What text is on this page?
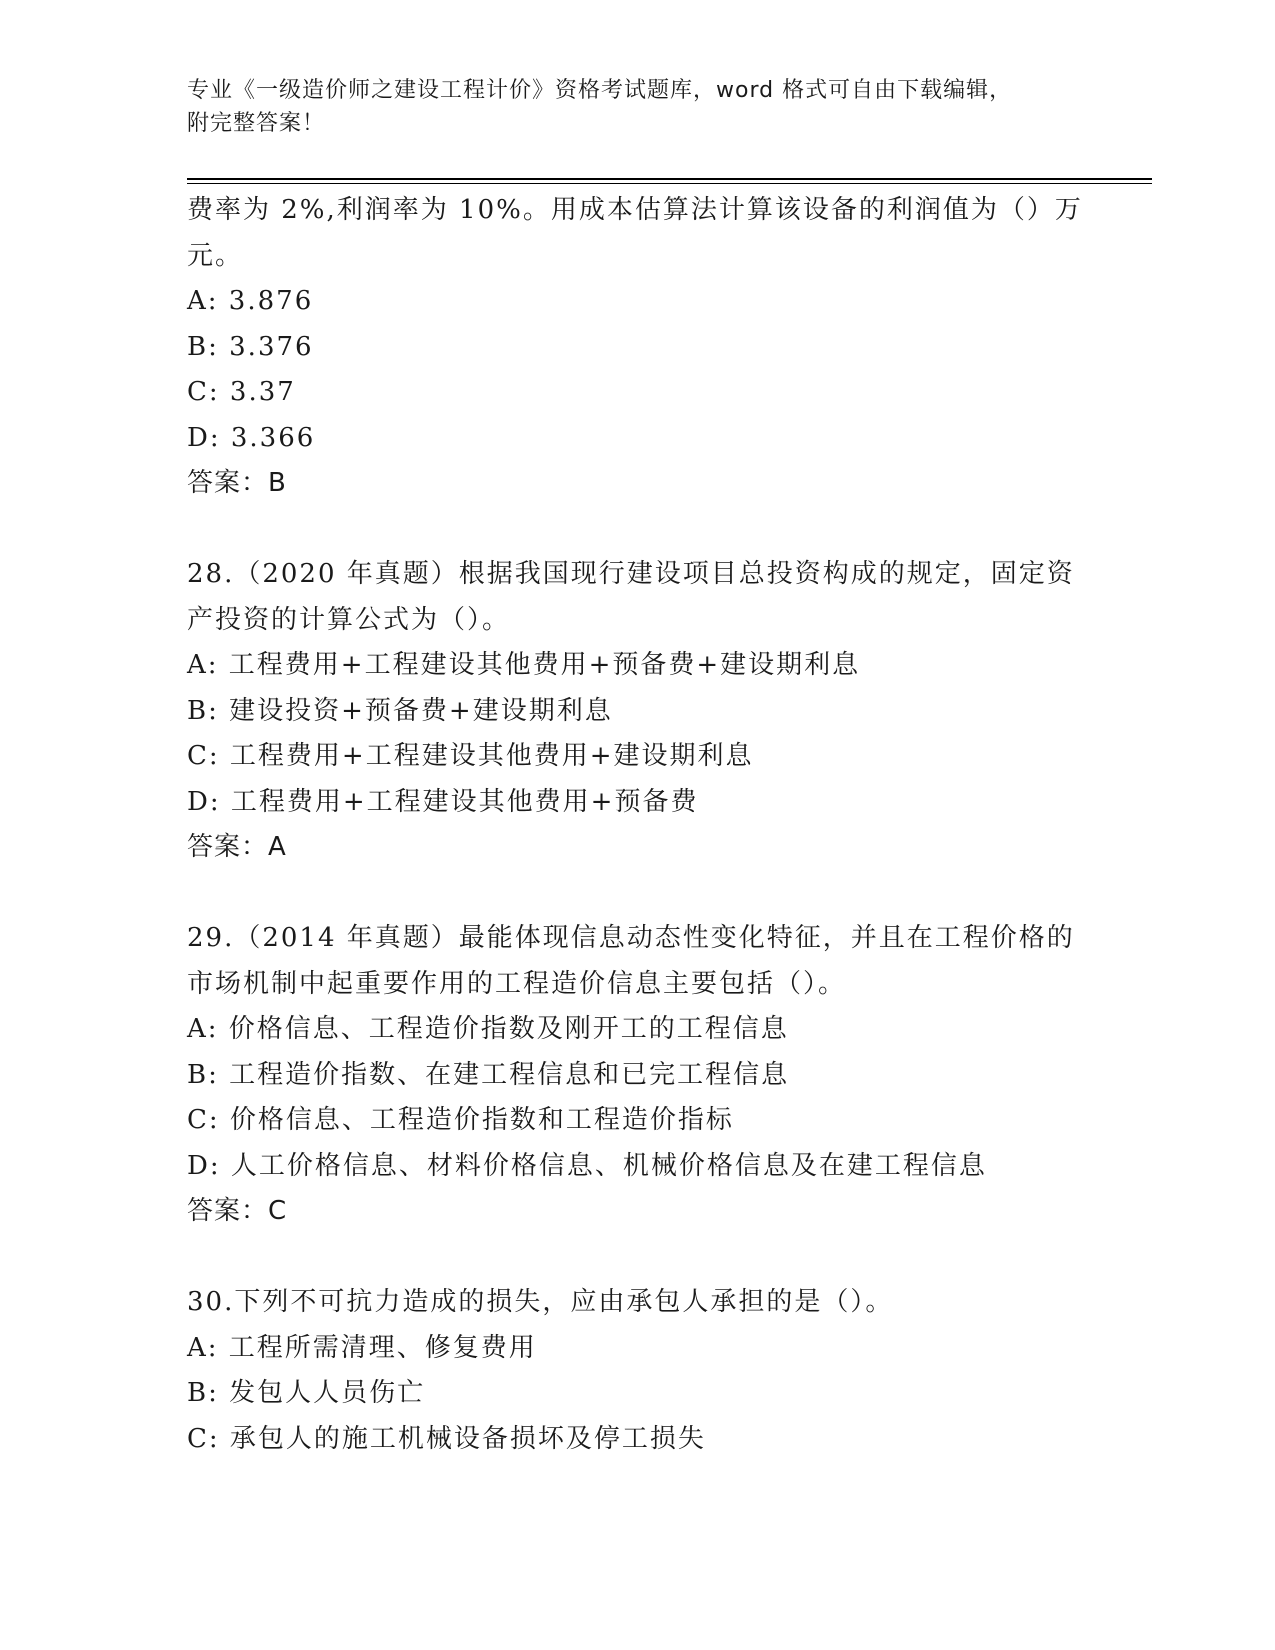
专业《一级造价师之建设工程计价》资格考试题库，word 格式可自由下载编辑，
附完整答案！
费率为 2%,利润率为 10%。用成本估算法计算该设备的利润值为（）万
元。
A: 3.876
B: 3.376
C: 3.37
D: 3.366
答案：B
28.（2020 年真题）根据我国现行建设项目总投资构成的规定，固定资
产投资的计算公式为（）。
A: 工程费用+工程建设其他费用+预备费+建设期利息
B: 建设投资+预备费+建设期利息
C: 工程费用+工程建设其他费用+建设期利息
D: 工程费用+工程建设其他费用+预备费
答案：A
29.（2014 年真题）最能体现信息动态性变化特征，并且在工程价格的
市场机制中起重要作用的工程造价信息主要包括（）。
A: 价格信息、工程造价指数及刚开工的工程信息
B: 工程造价指数、在建工程信息和已完工程信息
C: 价格信息、工程造价指数和工程造价指标
D: 人工价格信息、材料价格信息、机械价格信息及在建工程信息
答案：C
30.下列不可抗力造成的损失，应由承包人承担的是（）。
A: 工程所需清理、修复费用
B: 发包人人员伤亡
C: 承包人的施工机械设备损坏及停工损失
